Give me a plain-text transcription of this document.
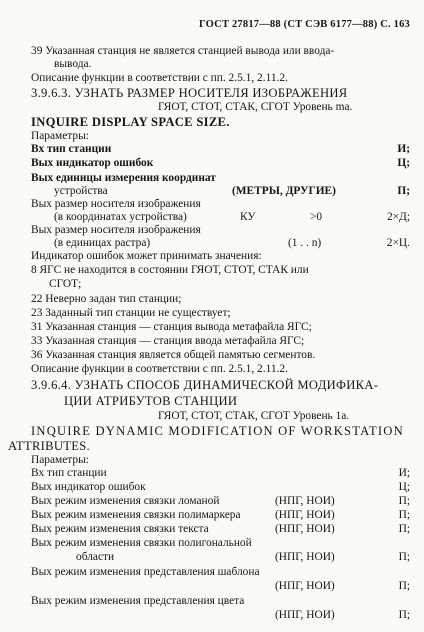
ГОСТ 27817—88 (СТ СЭВ 6177—88) С. 163
39 Указанная станция не является станцией вывода или ввода-
вывода.
Описание функции в соответствии с пп. 2.5.1, 2.11.2.
3.9.6.3. УЗНАТЬ РАЗМЕР НОСИТЕЛЯ ИЗОБРАЖЕНИЯ
ГЯОТ, СТОТ, СТАК, СГОТ Уровень mа.
INQUIRE DISPLAY SPACE SIZE.
Параметры:
Вх тип станции	И;
Вых индикатор ошибок	Ц;
Вых единицы измерения координат
устройства	(МЕТРЫ, ДРУГИЕ)	П;
Вых размер носителя изображения
(в координатах устройства)	КУ	>0	2×Д;
Вых размер носителя изображения
(в единицах растра)	(1 . . n)	2×Ц.
Индикатор ошибок может принимать значения:
8 ЯГС не находится в состоянии ГЯОТ, СТОТ, СТАК или
СГОТ;
22 Неверно задан тип станции;
23 Заданный тип станции не существует;
31 Указанная станция — станция вывода метафайла ЯГС;
33 Указанная станция — станция ввода метафайла ЯГС;
36 Указанная станция является общей памятью сегментов.
Описание функции в соответствии с пп. 2.5.1, 2.11.2.
3.9.6.4. УЗНАТЬ СПОСОБ ДИНАМИЧЕСКОЙ МОДИФИКА-
ЦИИ АТРИБУТОВ СТАНЦИИ
ГЯОТ, СТОТ, СТАК, СГОТ Уровень 1а.
INQUIRE DYNAMIC MODIFICATION OF WORKSTATION
ATTRIBUTES.
Параметры:
Вх тип станции	И;
Вых индикатор ошибок	Ц;
Вых режим изменения связки ломаной	(НПГ, НОИ)	П;
Вых режим изменения связки полимаркера	(НПГ, НОИ)	П;
Вых режим изменения связки текста	(НПГ, НОИ)	П;
Вых режим изменения связки полигональной
области	(НПГ, НОИ)	П;
Вых режим изменения представления шаблона
(НПГ, НОИ)	П;
Вых режим изменения представления цвета
(НПГ, НОИ)	П;
